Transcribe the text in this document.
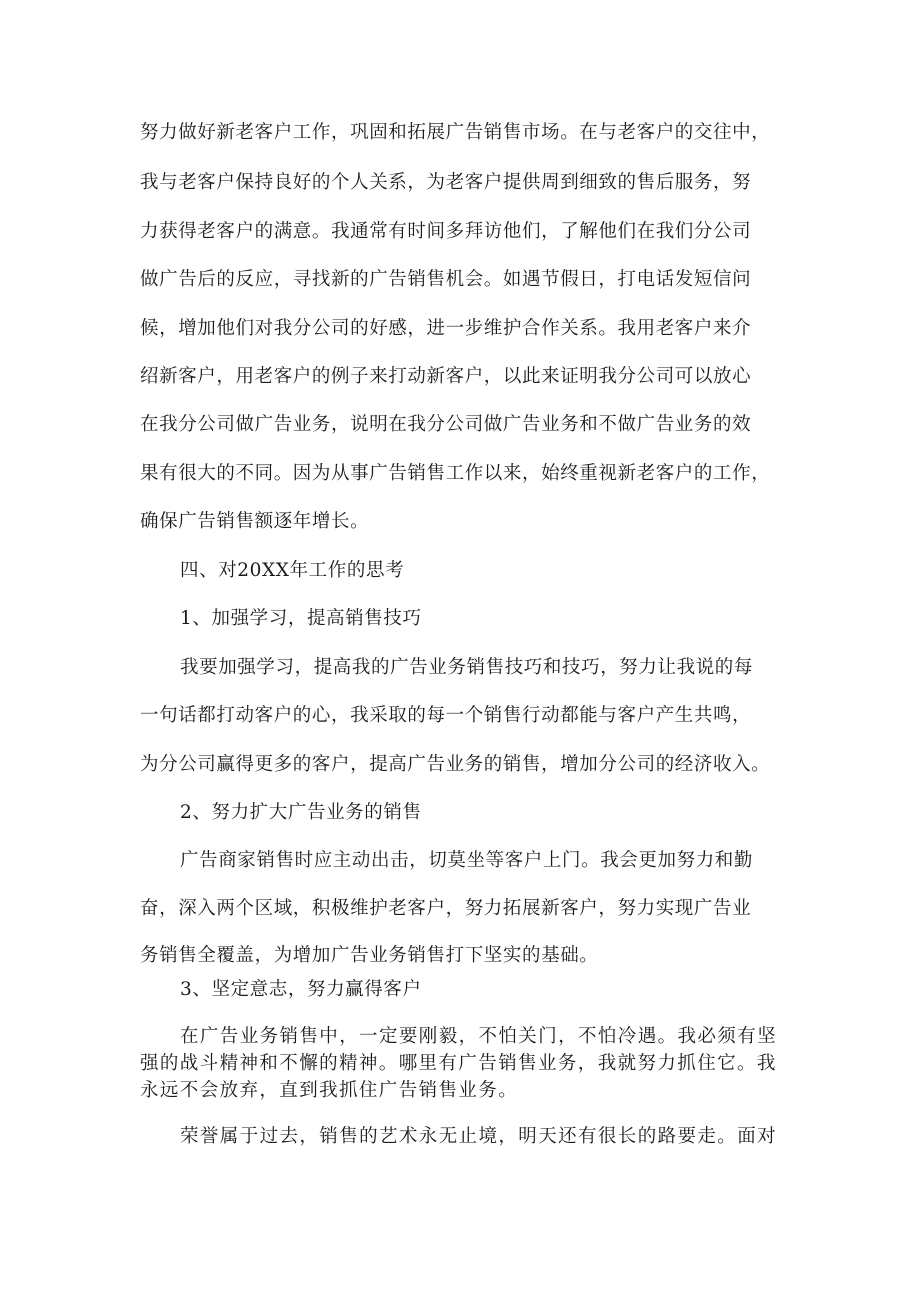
努力做好新老客户工作，巩固和拓展广告销售市场。在与老客户的交往中，
我与老客户保持良好的个人关系，为老客户提供周到细致的售后服务，努
力获得老客户的满意。我通常有时间多拜访他们，了解他们在我们分公司
做广告后的反应，寻找新的广告销售机会。如遇节假日，打电话发短信问
候，增加他们对我分公司的好感，进一步维护合作关系。我用老客户来介
绍新客户，用老客户的例子来打动新客户，以此来证明我分公司可以放心
在我分公司做广告业务，说明在我分公司做广告业务和不做广告业务的效
果有很大的不同。因为从事广告销售工作以来，始终重视新老客户的工作，
确保广告销售额逐年增长。
四、对20XX年工作的思考
1、加强学习，提高销售技巧
我要加强学习，提高我的广告业务销售技巧和技巧，努力让我说的每
一句话都打动客户的心，我采取的每一个销售行动都能与客户产生共鸣，
为分公司赢得更多的客户，提高广告业务的销售，增加分公司的经济收入。
2、努力扩大广告业务的销售
广告商家销售时应主动出击，切莫坐等客户上门。我会更加努力和勤
奋，深入两个区域，积极维护老客户，努力拓展新客户，努力实现广告业
务销售全覆盖，为增加广告业务销售打下坚实的基础。
3、坚定意志，努力赢得客户
在广告业务销售中，一定要刚毅，不怕关门，不怕冷遇。我必须有坚
强的战斗精神和不懈的精神。哪里有广告销售业务，我就努力抓住它。我
永远不会放弃，直到我抓住广告销售业务。
荣誉属于过去，销售的艺术永无止境，明天还有很长的路要走。面对
